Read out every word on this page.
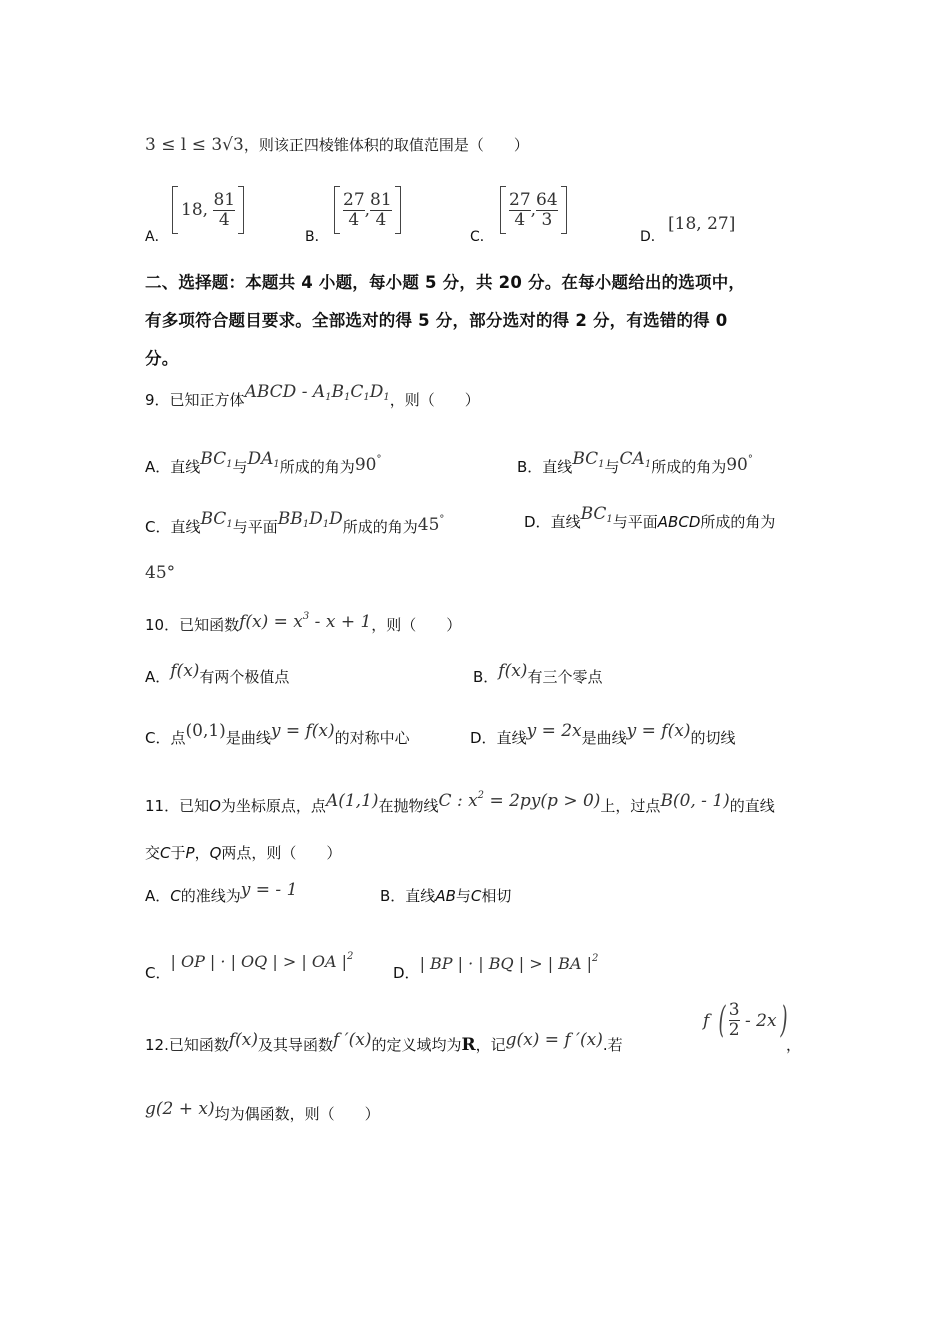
3 ≤ l ≤ 3√3，则该正四棱锥体积的取值范围是（　　）
A．
18, $\frac{81}{4}$
B．
$\frac{27}{4}$ , $\frac{81}{4}$
C．
$\frac{27}{4}$ , $\frac{64}{3}$
D．
[18, 27]
二、选择题：本题共 4 小题，每小题 5 分，共 20 分。在每小题给出的选项中，
有多项符合题目要求。全部选对的得 5 分，部分选对的得 2 分，有选错的得 0
分。
9．已知正方体ABCD - $A_1B_1C_1D_1$，则（　　）
A．直线$BC_1$与$DA_1$所成的角为90°	B．直线$BC_1$与$CA_1$所成的角为90°
C．直线$BC_1$与平面$BB_1D_1D$所成的角为45°	D．直线$BC_1$与平面ABCD所成的角为
45°
10．已知函数$f(x) = x^3 - x + 1$，则（　　）
A．f(x)有两个极值点	B．f(x)有三个零点
C．点(0,1)是曲线y = f(x)的对称中心	D．直线y = 2x是曲线y = f(x)的切线
11．已知O为坐标原点，点A(1,1)在抛物线C : $x^2 = 2py(p > 0)$上，过点B(0, - 1)的直线
交C于P，Q两点，则（　　）
A．C的准线为y = - 1	B．直线AB与C相切
C．| OP | · | OQ | > | OA $|^2$
D．| BP | · | BQ | > | BA $|^2$
12.已知函数f(x)及其导函数f ′(x)的定义域均为R，记g(x) = f ′(x).若
f ( $\frac{3}{2} - 2x$ )
，
g(2 + x)均为偶函数，则（　　）
